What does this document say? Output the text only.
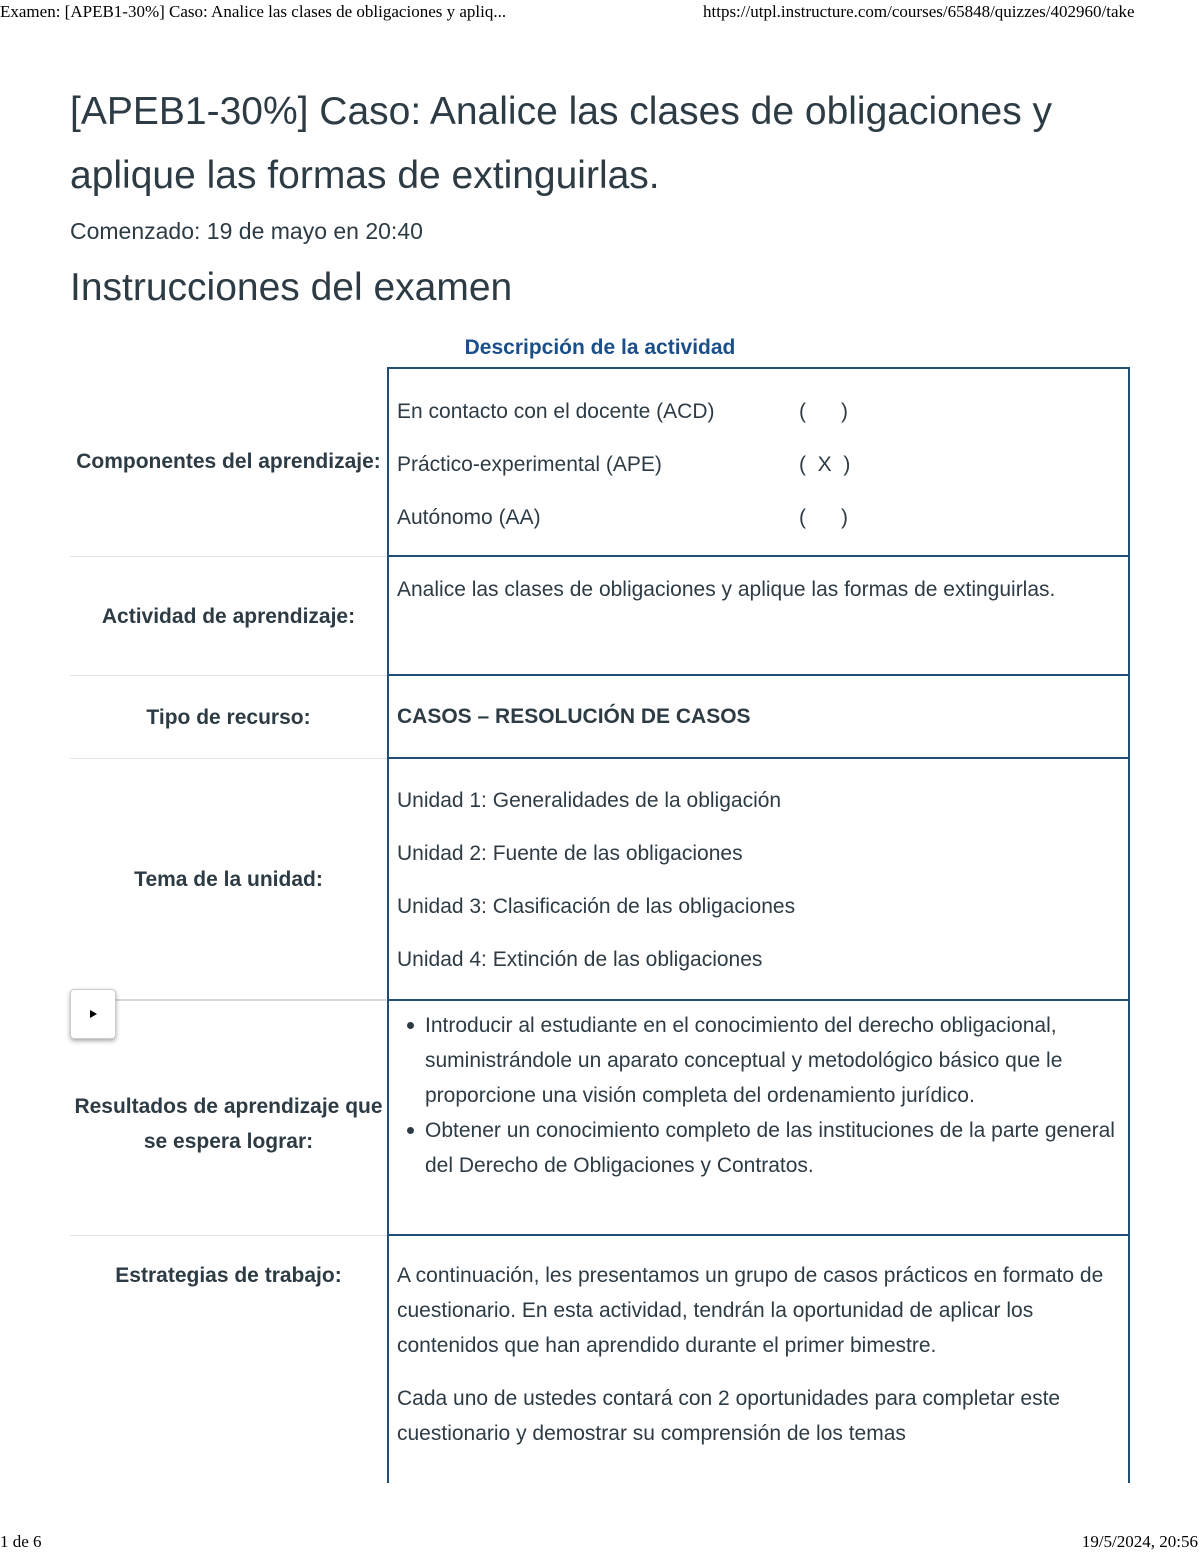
Examen: [APEB1-30%] Caso: Analice las clases de obligaciones y apliq...	https://utpl.instructure.com/courses/65848/quizzes/402960/take
[APEB1-30%] Caso: Analice las clases de obligaciones y aplique las formas de extinguirlas.
Comenzado: 19 de mayo en 20:40
Instrucciones del examen
Descripción de la actividad
Componentes del aprendizaje:
En contacto con el docente (ACD)	(      )
Práctico-experimental (APE)	(  X  )
Autónomo (AA)	(      )
Actividad de aprendizaje:
Analice las clases de obligaciones y aplique las formas de extinguirlas.
Tipo de recurso:	CASOS – RESOLUCIÓN DE CASOS
Tema de la unidad:
Unidad 1: Generalidades de la obligación
Unidad 2: Fuente de las obligaciones
Unidad 3: Clasificación de las obligaciones
Unidad 4: Extinción de las obligaciones
Resultados de aprendizaje que se espera lograr:
Introducir al estudiante en el conocimiento del derecho obligacional, suministrándole un aparato conceptual y metodológico básico que le proporcione una visión completa del ordenamiento jurídico.
Obtener un conocimiento completo de las instituciones de la parte general del Derecho de Obligaciones y Contratos.
Estrategias de trabajo:	A continuación, les presentamos un grupo de casos prácticos en formato de cuestionario. En esta actividad, tendrán la oportunidad de aplicar los contenidos que han aprendido durante el primer bimestre.

Cada uno de ustedes contará con 2 oportunidades para completar este cuestionario y demostrar su comprensión de los temas

1 de 6	19/5/2024, 20:56
